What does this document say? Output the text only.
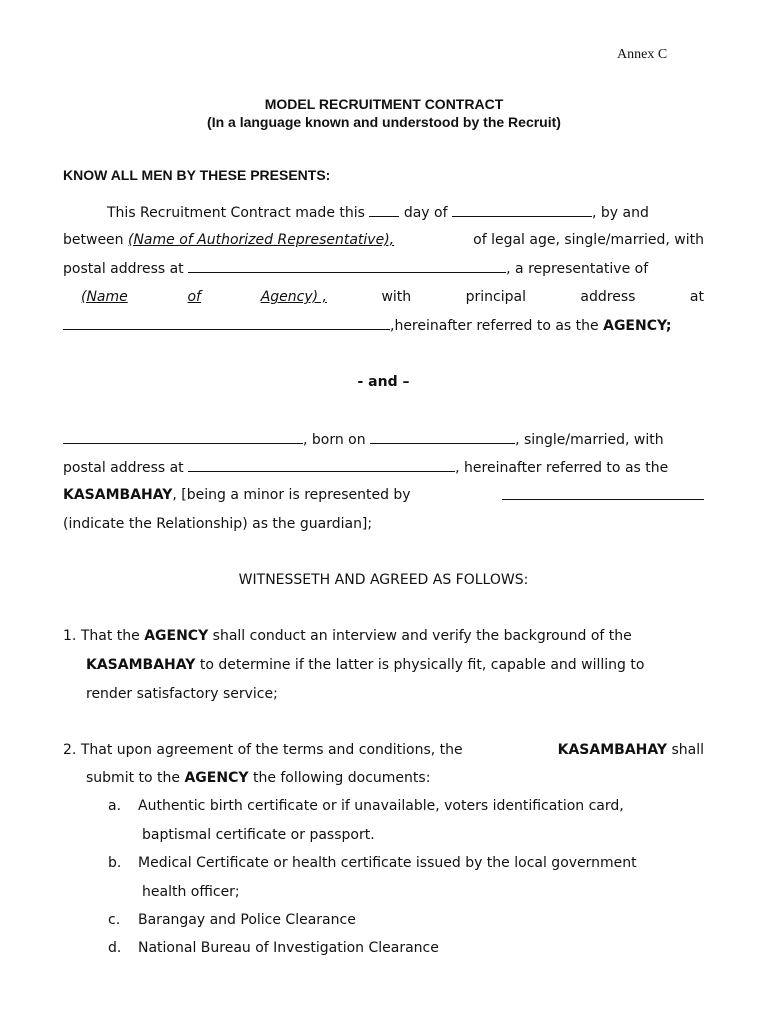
Annex C
MODEL RECRUITMENT CONTRACT
(In a language known and understood by the Recruit)
KNOW ALL MEN BY THESE PRESENTS:
This Recruitment Contract made this	day of	, by and
between (Name of Authorized Representative),	of legal age, single/married, with
postal address at	, a representative of
(Name	of	Agency) ,	with	principal	address	at
,hereinafter referred to as the AGENCY;
- and –
, born on	, single/married, with
postal address at	, hereinafter referred to as the
KASAMBAHAY, [being a minor is represented by
(indicate the Relationship) as the guardian];
WITNESSETH AND AGREED AS FOLLOWS:
1. That the AGENCY shall conduct an interview and verify the background of the
KASAMBAHAY to determine if the latter is physically fit, capable and willing to
render satisfactory service;
2. That upon agreement of the terms and conditions, the	KASAMBAHAY shall
submit to the AGENCY the following documents:
a. Authentic birth certificate or if unavailable, voters identification card,
baptismal certificate or passport.
b. Medical Certificate or health certificate issued by the local government
health officer;
c. Barangay and Police Clearance
d. National Bureau of Investigation Clearance
